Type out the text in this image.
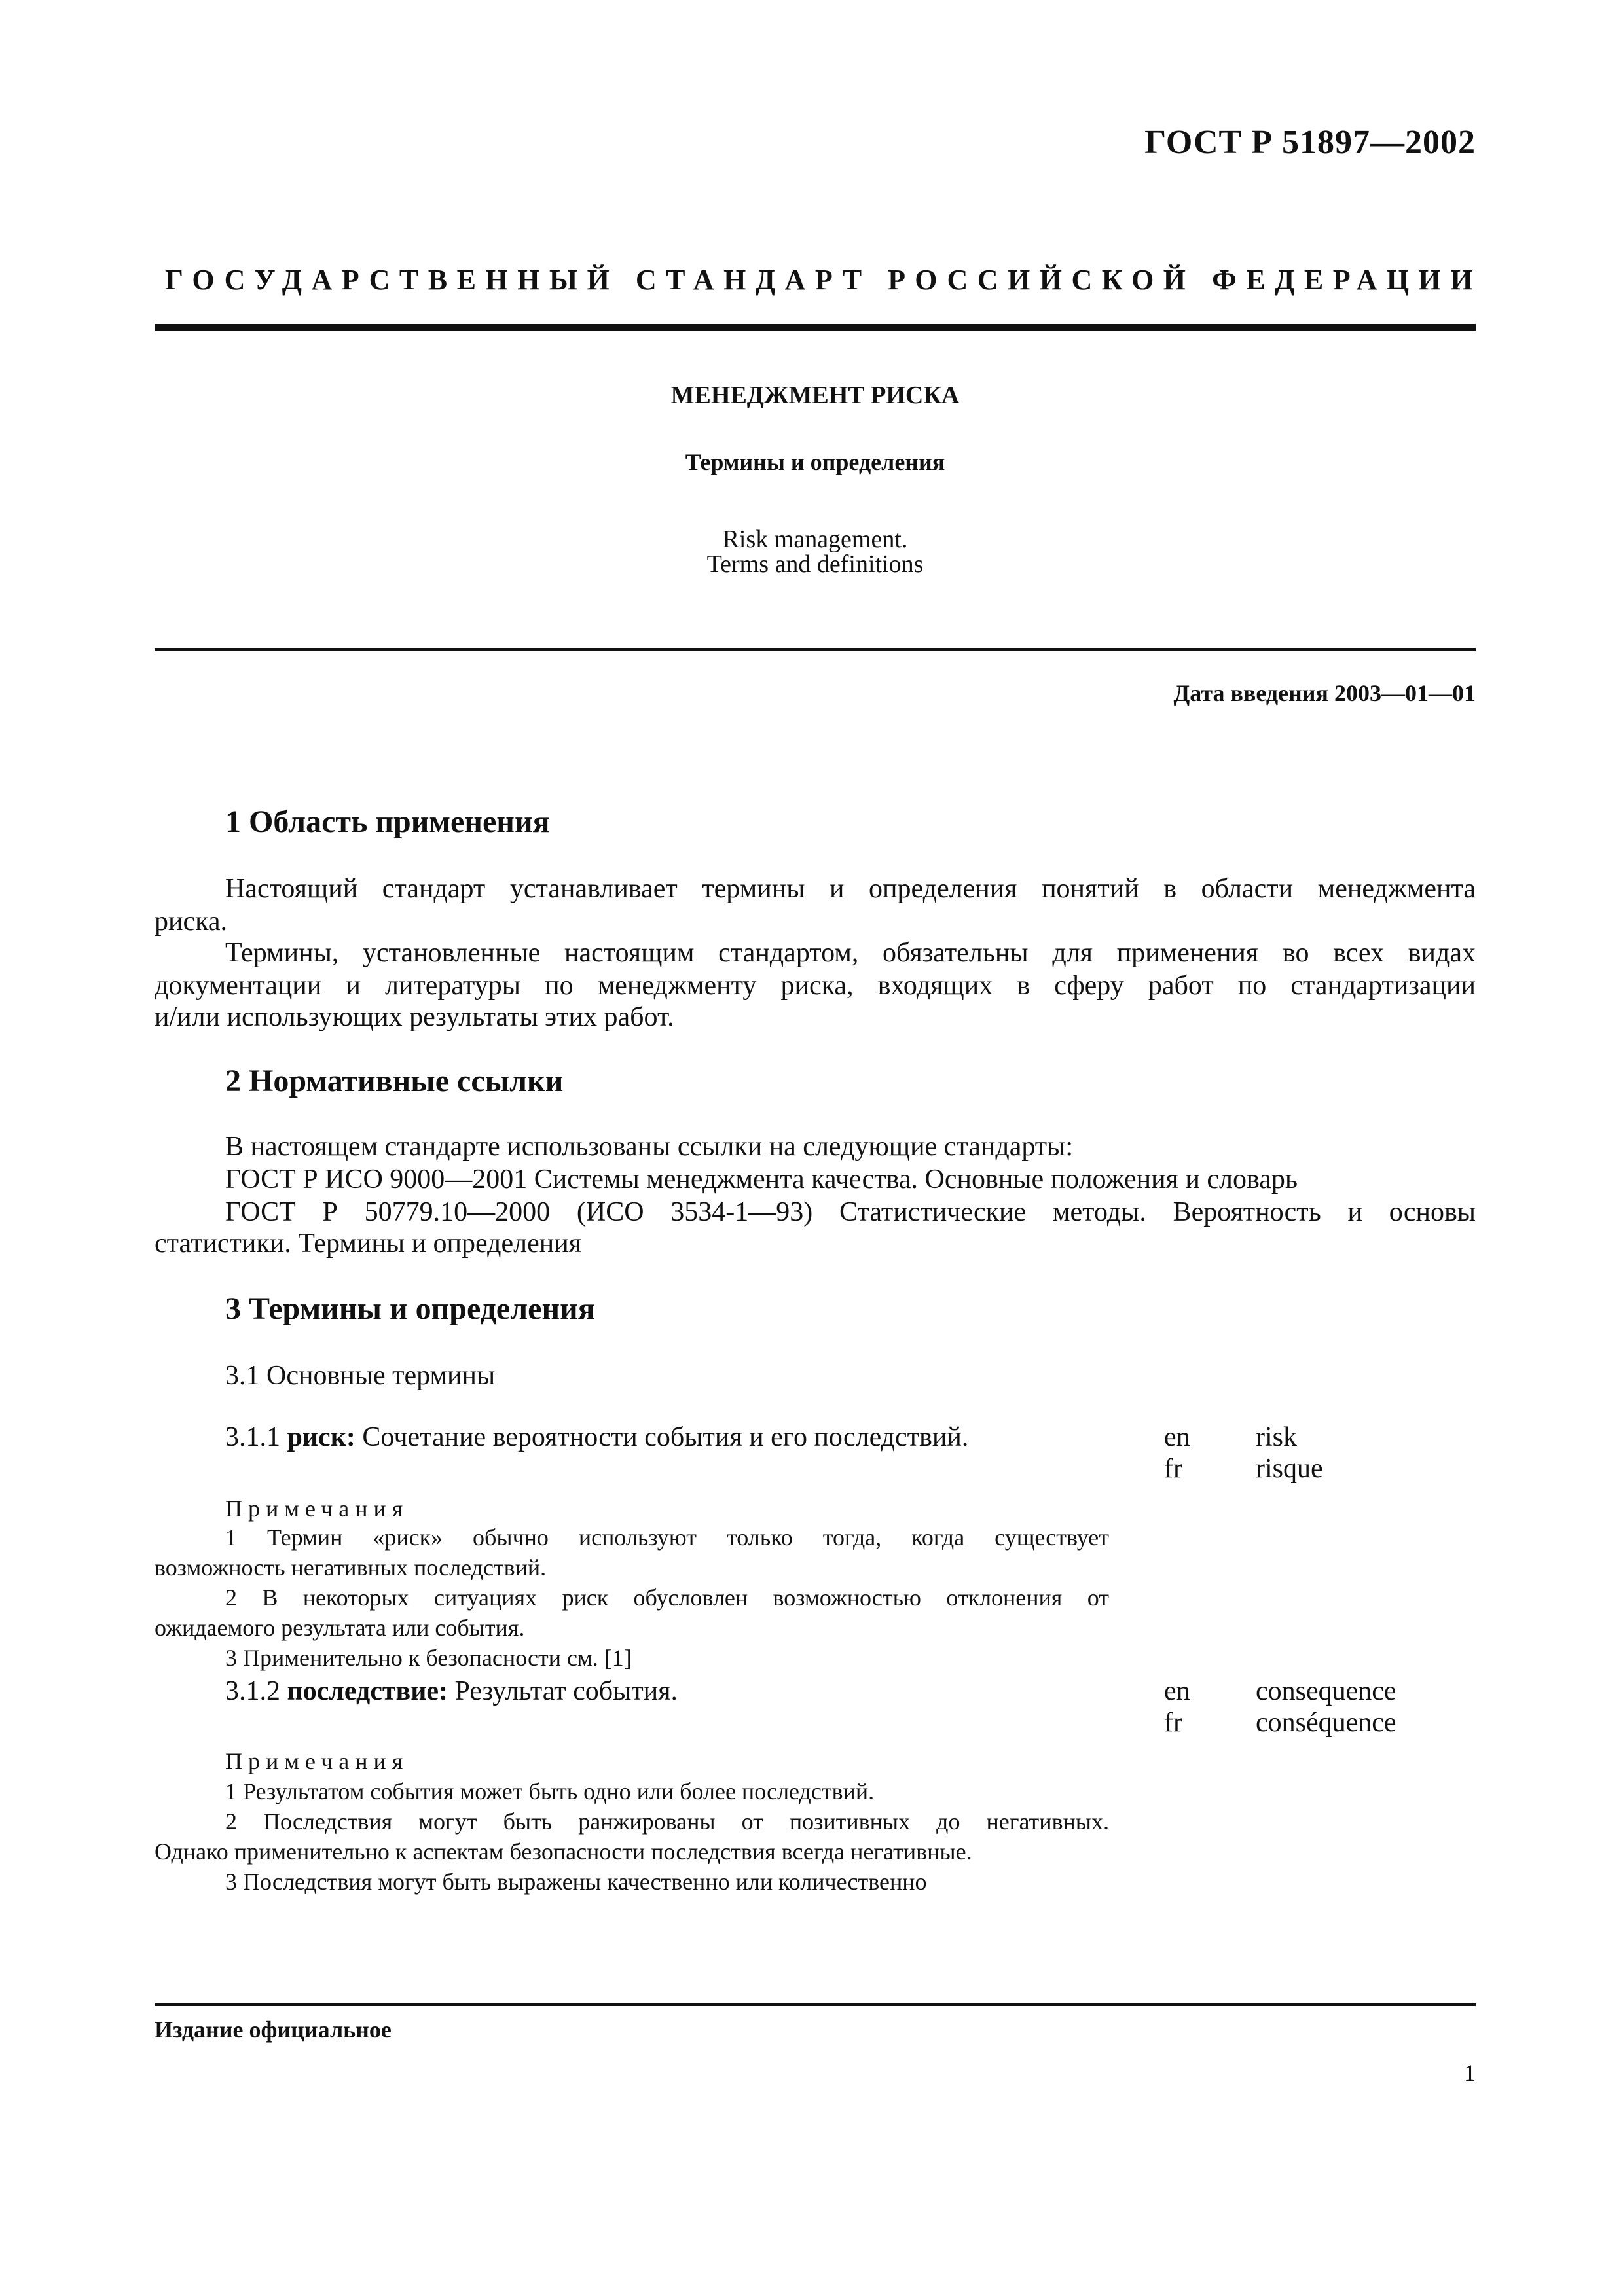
ГОСТ Р 51897—2002
ГОСУДАРСТВЕННЫЙ СТАНДАРТ РОССИЙСКОЙ ФЕДЕРАЦИИ
МЕНЕДЖМЕНТ РИСКА
Термины и определения
Risk management.
Terms and definitions
Дата введения 2003—01—01
1 Область применения
Настоящий стандарт устанавливает термины и определения понятий в области менеджмента
риска.
Термины, установленные настоящим стандартом, обязательны для применения во всех видах
документации и литературы по менеджменту риска, входящих в сферу работ по стандартизации
и/или использующих результаты этих работ.
2 Нормативные ссылки
В настоящем стандарте использованы ссылки на следующие стандарты:
ГОСТ Р ИСО 9000—2001 Системы менеджмента качества. Основные положения и словарь
ГОСТ Р 50779.10—2000 (ИСО 3534-1—93) Статистические методы. Вероятность и основы
статистики. Термины и определения
3 Термины и определения
3.1 Основные термины
3.1.1 риск: Сочетание вероятности события и его последствий.	en risk
fr	risque
Примечания
1 Термин «риск» обычно используют только тогда, когда существует
возможность негативных последствий.
2 В некоторых ситуациях риск обусловлен возможностью отклонения от
ожидаемого результата или события.
3 Применительно к безопасности см. [1]
3.1.2 последствие: Результат события.	en consequence
fr	conséquence
Примечания
1 Результатом события может быть одно или более последствий.
2 Последствия могут быть ранжированы от позитивных до негативных.
Однако применительно к аспектам безопасности последствия всегда негативные.
3 Последствия могут быть выражены качественно или количественно
Издание официальное
1
